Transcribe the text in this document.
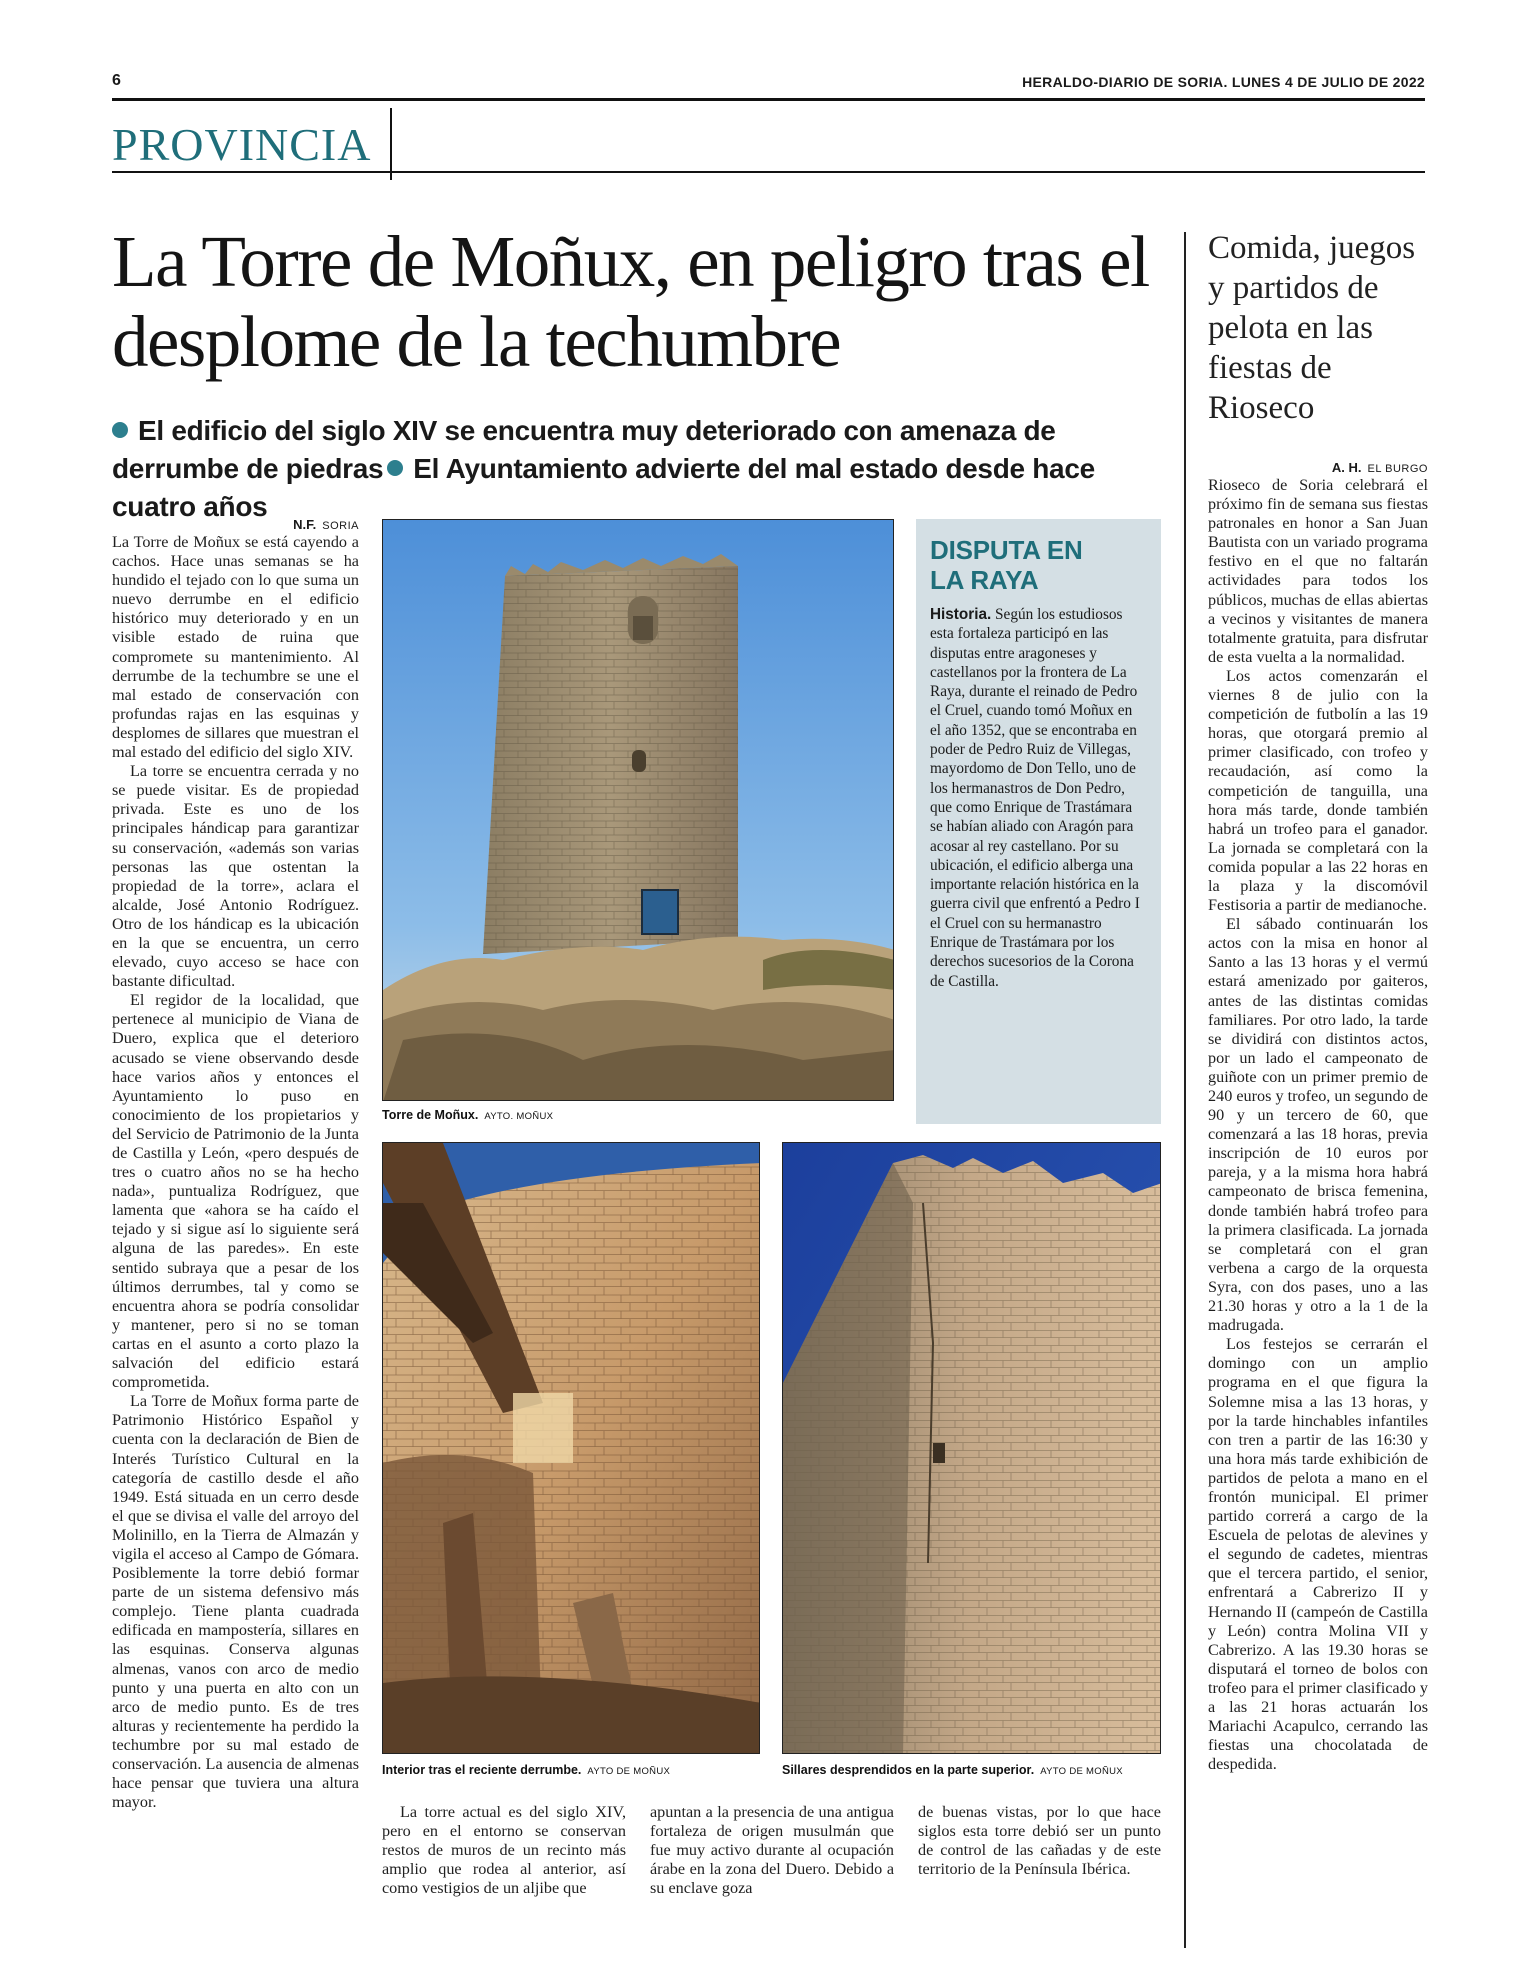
6	HERALDO-DIARIO DE SORIA. LUNES 4 DE JULIO DE 2022
PROVINCIA
La Torre de Moñux, en peligro tras el desplome de la techumbre
El edificio del siglo XIV se encuentra muy deteriorado con amenaza de derrumbe de piedras El Ayuntamiento advierte del mal estado desde hace cuatro años
N.F. SORIA

La Torre de Moñux se está cayendo a cachos. Hace unas semanas se ha hundido el tejado con lo que suma un nuevo derrumbe en el edificio histórico muy deteriorado y en un visible estado de ruina que compromete su mantenimiento. Al derrumbe de la techumbre se une el mal estado de conservación con profundas rajas en las esquinas y desplomes de sillares que muestran el mal estado del edificio del siglo XIV.

La torre se encuentra cerrada y no se puede visitar. Es de propiedad privada. Este es uno de los principales hándicap para garantizar su conservación, «además son varias personas las que ostentan la propiedad de la torre», aclara el alcalde, José Antonio Rodríguez. Otro de los hándicap es la ubicación en la que se encuentra, un cerro elevado, cuyo acceso se hace con bastante dificultad.

El regidor de la localidad, que pertenece al municipio de Viana de Duero, explica que el deterioro acusado se viene observando desde hace varios años y entonces el Ayuntamiento lo puso en conocimiento de los propietarios y del Servicio de Patrimonio de la Junta de Castilla y León, «pero después de tres o cuatro años no se ha hecho nada», puntualiza Rodríguez, que lamenta que «ahora se ha caído el tejado y si sigue así lo siguiente será alguna de las paredes». En este sentido subraya que a pesar de los últimos derrumbes, tal y como se encuentra ahora se podría consolidar y mantener, pero si no se toman cartas en el asunto a corto plazo la salvación del edificio estará comprometida.

La Torre de Moñux forma parte de Patrimonio Histórico Español y cuenta con la declaración de Bien de Interés Turístico Cultural en la categoría de castillo desde el año 1949. Está situada en un cerro desde el que se divisa el valle del arroyo del Molinillo, en la Tierra de Almazán y vigila el acceso al Campo de Gómara. Posiblemente la torre debió formar parte de un sistema defensivo más complejo. Tiene planta cuadrada edificada en mampostería, sillares en las esquinas. Conserva algunas almenas, vanos con arco de medio punto y una puerta en alto con un arco de medio punto. Es de tres alturas y recientemente ha perdido la techumbre por su mal estado de conservación. La ausencia de almenas hace pensar que tuviera una altura mayor.

Torre de Moñux. AYTO. MOÑUX
DISPUTA EN
LA RAYA
Historia. Según los estudiosos esta fortaleza participó en las disputas entre aragoneses y castellanos por la frontera de La Raya, durante el reinado de Pedro el Cruel, cuando tomó Moñux en el año 1352, que se encontraba en poder de Pedro Ruiz de Villegas, mayordomo de Don Tello, uno de los hermanastros de Don Pedro, que como Enrique de Trastámara se habían aliado con Aragón para acosar al rey castellano. Por su ubicación, el edificio alberga una importante relación histórica en la guerra civil que enfrentó a Pedro I el Cruel con su hermanastro Enrique de Trastámara por los derechos sucesorios de la Corona de Castilla.
Interior tras el reciente derrumbe. AYTO DE MOÑUX	Sillares desprendidos en la parte superior. AYTO DE MOÑUX

La torre actual es del siglo XIV, pero en el entorno se conservan restos de muros de un recinto más amplio que rodea al anterior, así como vestigios de un aljibe que

apuntan a la presencia de una antigua fortaleza de origen musulmán que fue muy activo durante al ocupación árabe en la zona del Duero. Debido a su enclave goza

de buenas vistas, por lo que hace siglos esta torre debió ser un punto de control de las cañadas y de este territorio de la Península Ibérica.

Comida, juegos y partidos de pelota en las fiestas de Rioseco
A. H. EL BURGO

Rioseco de Soria celebrará el próximo fin de semana sus fiestas patronales en honor a San Juan Bautista con un variado programa festivo en el que no faltarán actividades para todos los públicos, muchas de ellas abiertas a vecinos y visitantes de manera totalmente gratuita, para disfrutar de esta vuelta a la normalidad.

Los actos comenzarán el viernes 8 de julio con la competición de futbolín a las 19 horas, que otorgará premio al primer clasificado, con trofeo y recaudación, así como la competición de tanguilla, una hora más tarde, donde también habrá un trofeo para el ganador. La jornada se completará con la comida popular a las 22 horas en la plaza y la discomóvil Festisoria a partir de medianoche.

El sábado continuarán los actos con la misa en honor al Santo a las 13 horas y el vermú estará amenizado por gaiteros, antes de las distintas comidas familiares. Por otro lado, la tarde se dividirá con distintos actos, por un lado el campeonato de guiñote con un primer premio de 240 euros y trofeo, un segundo de 90 y un tercero de 60, que comenzará a las 18 horas, previa inscripción de 10 euros por pareja, y a la misma hora habrá campeonato de brisca femenina, donde también habrá trofeo para la primera clasificada. La jornada se completará con el gran verbena a cargo de la orquesta Syra, con dos pases, uno a las 21.30 horas y otro a la 1 de la madrugada.

Los festejos se cerrarán el domingo con un amplio programa en el que figura la Solemne misa a las 13 horas, y por la tarde hinchables infantiles con tren a partir de las 16:30 y una hora más tarde exhibición de partidos de pelota a mano en el frontón municipal. El primer partido correrá a cargo de la Escuela de pelotas de alevines y el segundo de cadetes, mientras que el tercera partido, el senior, enfrentará a Cabrerizo II y Hernando II (campeón de Castilla y León) contra Molina VII y Cabrerizo. A las 19.30 horas se disputará el torneo de bolos con trofeo para el primer clasificado y a las 21 horas actuarán los Mariachi Acapulco, cerrando las fiestas una chocolatada de despedida.
